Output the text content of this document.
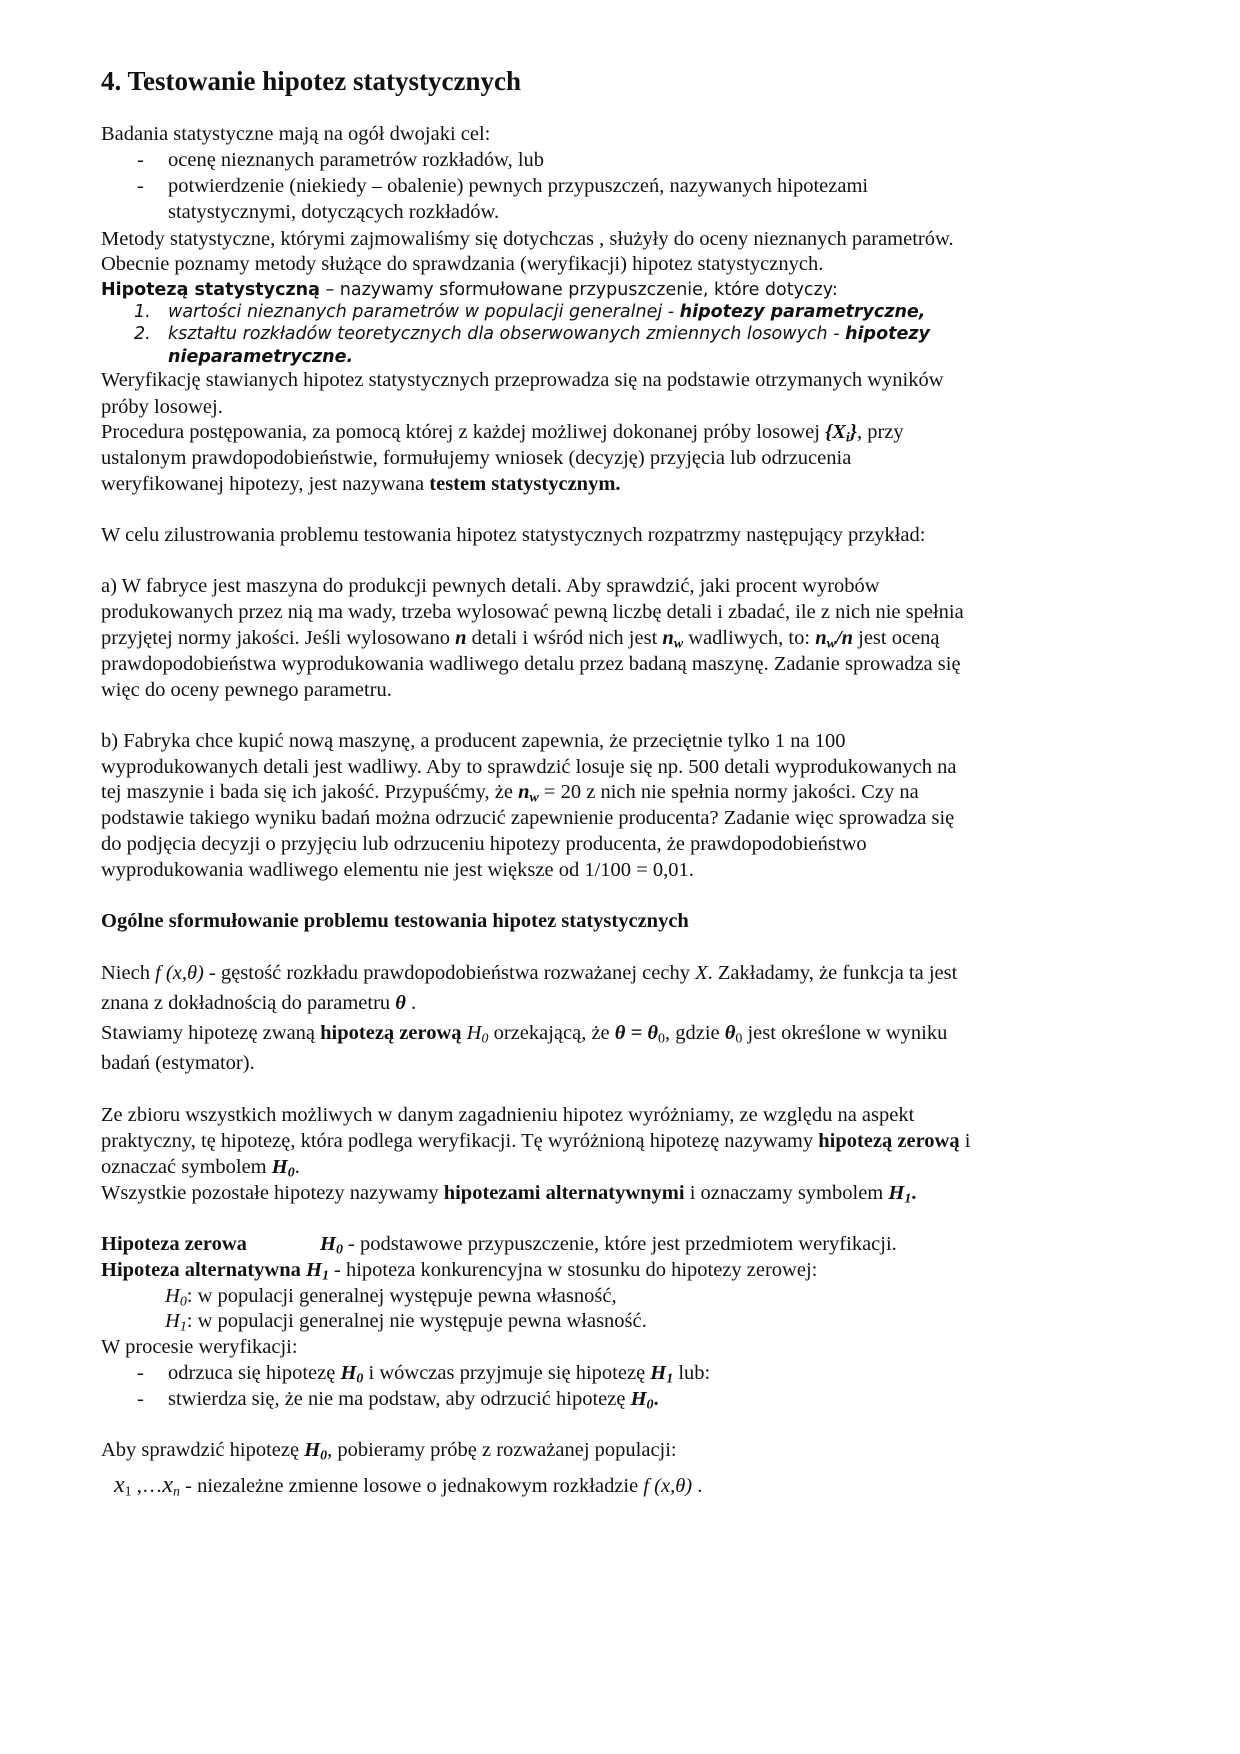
4. Testowanie hipotez statystycznych
Badania statystyczne mają na ogół dwojaki cel:
- ocenę nieznanych parametrów rozkładów, lub
- potwierdzenie (niekiedy – obalenie) pewnych przypuszczeń, nazywanych hipotezami
statystycznymi, dotyczących rozkładów.
Metody statystyczne, którymi zajmowaliśmy się dotychczas , służyły do oceny nieznanych parametrów.
Obecnie poznamy metody służące do sprawdzania (weryfikacji) hipotez statystycznych.
Hipotezą statystyczną – nazywamy sformułowane przypuszczenie, które dotyczy:
1. wartości nieznanych parametrów w populacji generalnej - hipotezy parametryczne,
2. kształtu rozkładów teoretycznych dla obserwowanych zmiennych losowych - hipotezy
nieparametryczne.
Weryfikację stawianych hipotez statystycznych przeprowadza się na podstawie otrzymanych wyników
próby losowej.
Procedura postępowania, za pomocą której z każdej możliwej dokonanej próby losowej $\{X_i\}$, przy
ustalonym prawdopodobieństwie, formułujemy wniosek (decyzję) przyjęcia lub odrzucenia
weryfikowanej hipotezy, jest nazywana testem statystycznym.
W celu zilustrowania problemu testowania hipotez statystycznych rozpatrzmy następujący przykład:
a) W fabryce jest maszyna do produkcji pewnych detali. Aby sprawdzić, jaki procent wyrobów
produkowanych przez nią ma wady, trzeba wylosować pewną liczbę detali i zbadać, ile z nich nie spełnia
przyjętej normy jakości. Jeśli wylosowano n detali i wśród nich jest $n_w$ wadliwych, to: $n_w/n$ jest oceną
prawdopodobieństwa wyprodukowania wadliwego detalu przez badaną maszynę. Zadanie sprowadza się
więc do oceny pewnego parametru.
b) Fabryka chce kupić nową maszynę, a producent zapewnia, że przeciętnie tylko 1 na 100
wyprodukowanych detali jest wadliwy. Aby to sprawdzić losuje się np. 500 detali wyprodukowanych na
tej maszynie i bada się ich jakość. Przypuśćmy, że $n_w = 20$ z nich nie spełnia normy jakości. Czy na
podstawie takiego wyniku badań można odrzucić zapewnienie producenta? Zadanie więc sprowadza się
do podjęcia decyzji o przyjęciu lub odrzuceniu hipotezy producenta, że prawdopodobieństwo
wyprodukowania wadliwego elementu nie jest większe od 1/100 = 0,01.
Ogólne sformułowanie problemu testowania hipotez statystycznych
Niech f (x,θ) - gęstość rozkładu prawdopodobieństwa rozważanej cechy X. Zakładamy, że funkcja ta jest
znana z dokładnością do parametru θ .
Stawiamy hipotezę zwaną hipotezą zerową $H_0$ orzekającą, że $\theta = \theta_0$, gdzie $\theta_0$ jest określone w wyniku
badań (estymator).
Ze zbioru wszystkich możliwych w danym zagadnieniu hipotez wyróżniamy, ze względu na aspekt
praktyczny, tę hipotezę, która podlega weryfikacji. Tę wyróżnioną hipotezę nazywamy hipotezą zerową i
oznaczać symbolem $H_0$.
Wszystkie pozostałe hipotezy nazywamy hipotezami alternatywnymi i oznaczamy symbolem $H_1$.
Hipoteza zerowa	$H_0$ - podstawowe przypuszczenie, które jest przedmiotem weryfikacji.
Hipoteza alternatywna $H_1$ - hipoteza konkurencyjna w stosunku do hipotezy zerowej:
$H_0$: w populacji generalnej występuje pewna własność,
$H_1$: w populacji generalnej nie występuje pewna własność.
W procesie weryfikacji:
- odrzuca się hipotezę $H_0$ i wówczas przyjmuje się hipotezę $H_1$ lub:
- stwierdza się, że nie ma podstaw, aby odrzucić hipotezę $H_0$.
Aby sprawdzić hipotezę $H_0$, pobieramy próbę z rozważanej populacji:
$x_1$ $,\dots x_n$ - niezależne zmienne losowe o jednakowym rozkładzie f (x,θ) .
